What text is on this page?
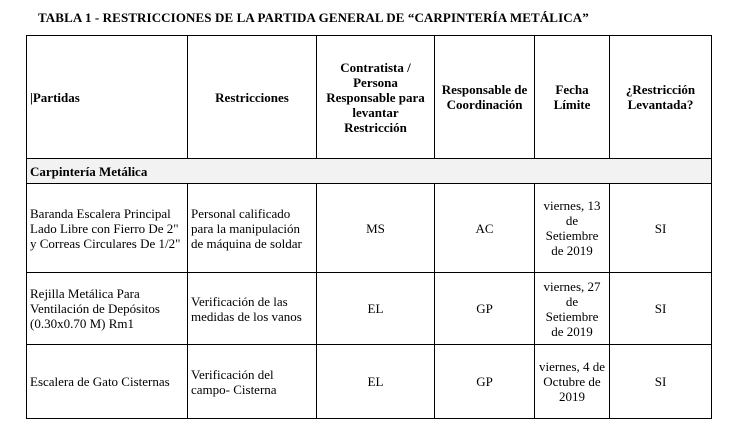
TABLA 1 - RESTRICCIONES DE LA PARTIDA GENERAL DE “CARPINTERÍA METÁLICA”
|Partidas	Restricciones	Contratista / Persona Responsable para levantar Restricción	Responsable de Coordinación	Fecha Límite	¿Restricción Levantada?
Carpintería Metálica					
Baranda Escalera Principal Lado Libre con Fierro De 2" y Correas Circulares De 1/2"	Personal calificado para la manipulación de máquina de soldar	MS	AC	viernes, 13 de Setiembre de 2019	SI
Rejilla Metálica Para Ventilación de Depósitos (0.30x0.70 M) Rm1	Verificación de las medidas de los vanos	EL	GP	viernes, 27 de Setiembre de 2019	SI
Escalera de Gato Cisternas	Verificación del campo- Cisterna	EL	GP	viernes, 4 de Octubre de 2019	SI
